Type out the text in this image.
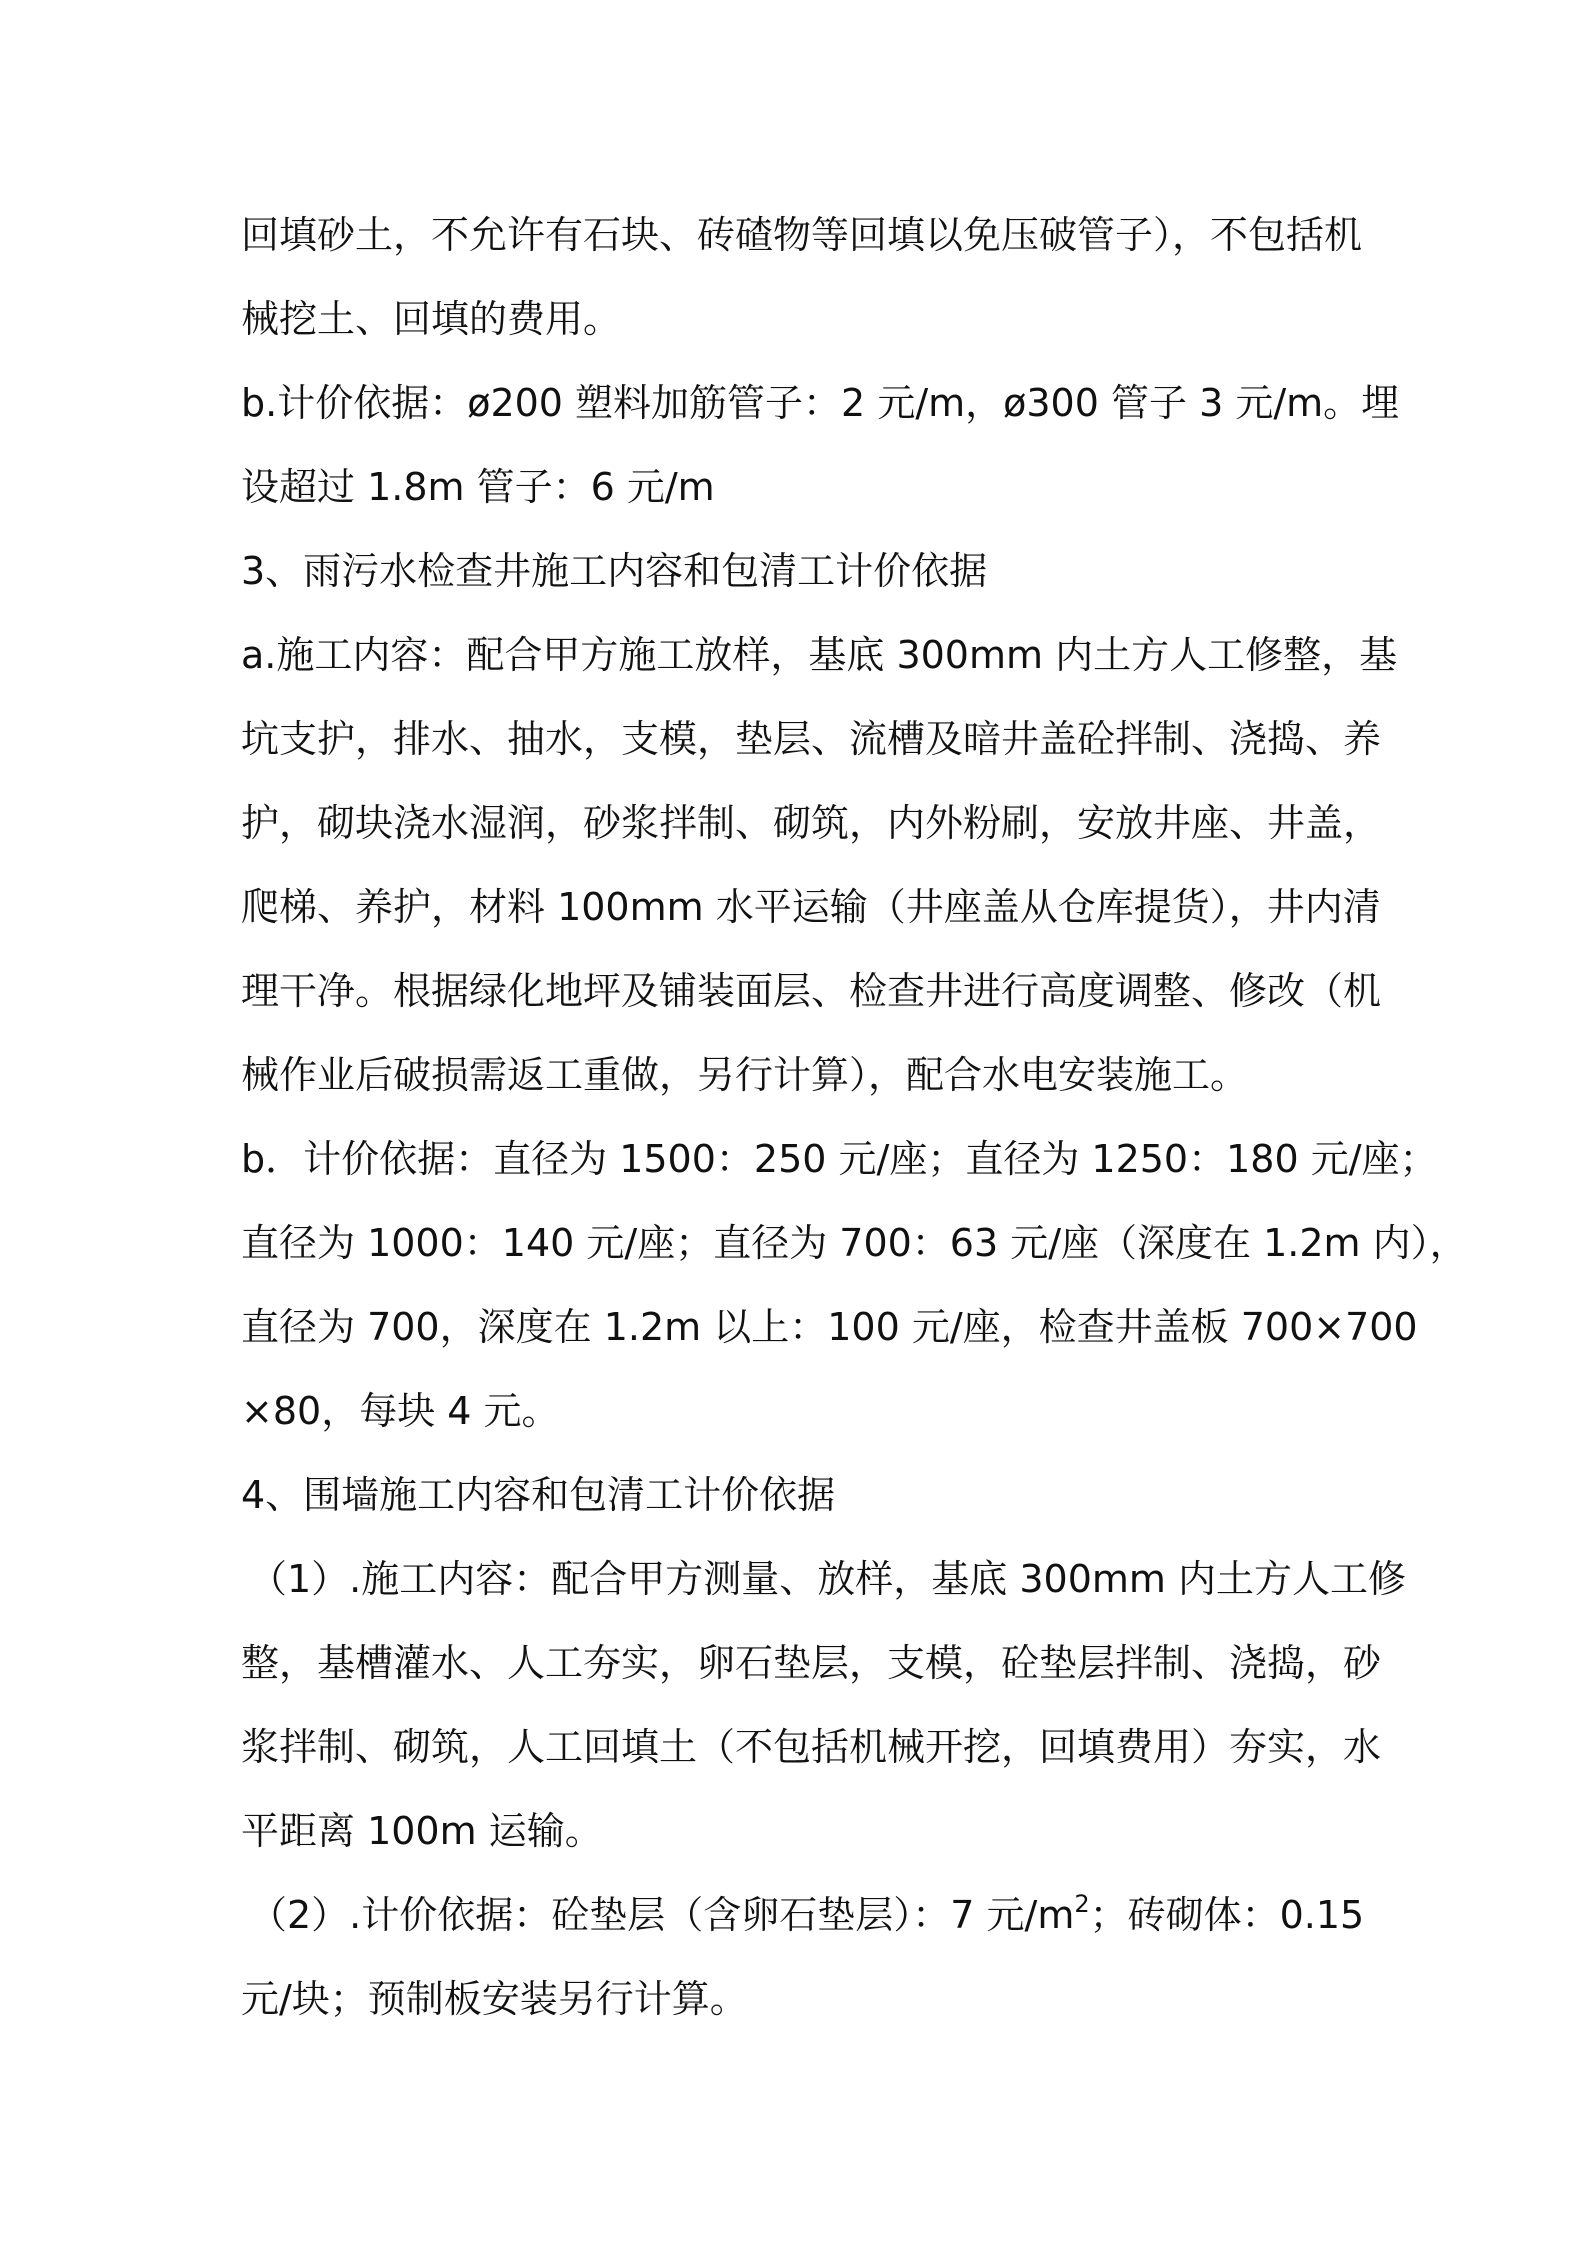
回填砂土，不允许有石块、砖碴物等回填以免压破管子），不包括机
械挖土、回填的费用。
b.计价依据：ø200 塑料加筋管子：2 元/m，ø300 管子 3 元/m。埋
设超过 1.8m 管子：6 元/m
3、雨污水检查井施工内容和包清工计价依据
a.施工内容：配合甲方施工放样，基底 300mm 内土方人工修整，基
坑支护，排水、抽水，支模，垫层、流槽及暗井盖砼拌制、浇捣、养
护，砌块浇水湿润，砂浆拌制、砌筑，内外粉刷，安放井座、井盖，
爬梯、养护，材料 100mm 水平运输（井座盖从仓库提货），井内清
理干净。根据绿化地坪及铺装面层、检查井进行高度调整、修改（机
械作业后破损需返工重做，另行计算），配合水电安装施工。
b．计价依据：直径为 1500：250 元/座；直径为 1250：180 元/座；
直径为 1000：140 元/座；直径为 700：63 元/座（深度在 1.2m 内），
直径为 700，深度在 1.2m 以上：100 元/座，检查井盖板 700×700
×80，每块 4 元。
4、围墙施工内容和包清工计价依据
（1）.施工内容：配合甲方测量、放样，基底 300mm 内土方人工修
整，基槽灌水、人工夯实，卵石垫层，支模，砼垫层拌制、浇捣，砂
浆拌制、砌筑，人工回填土（不包括机械开挖，回填费用）夯实，水
平距离 100m 运输。
（2）.计价依据：砼垫层（含卵石垫层）：7 元$/m^2$；砖砌体：0.15
元/块；预制板安装另行计算。
